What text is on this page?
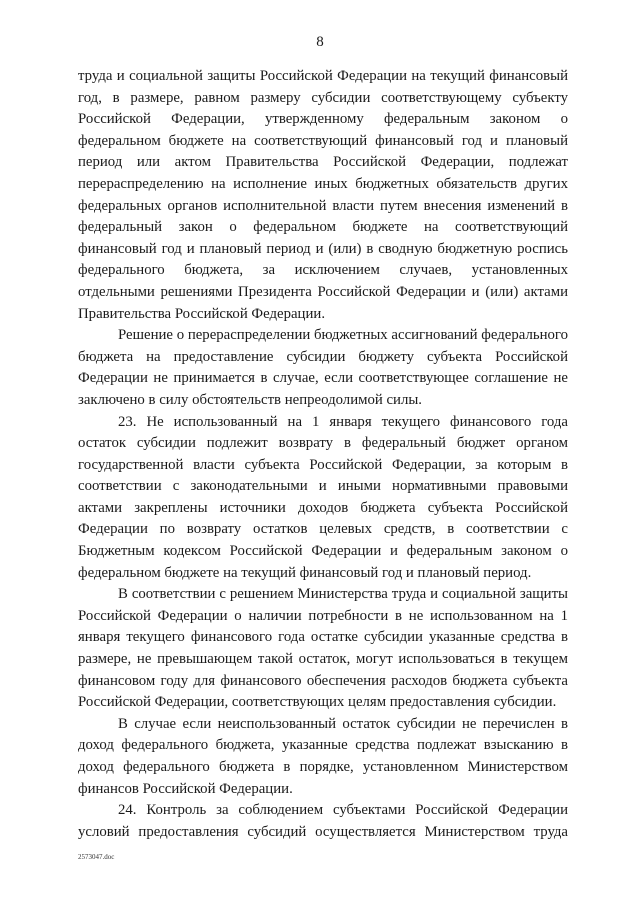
8

труда и социальной защиты Российской Федерации на текущий финансовый год, в размере, равном размеру субсидии соответствующему субъекту Российской Федерации, утвержденному федеральным законом о федеральном бюджете на соответствующий финансовый год и плановый период или актом Правительства Российской Федерации, подлежат перераспределению на исполнение иных бюджетных обязательств других федеральных органов исполнительной власти путем внесения изменений в федеральный закон о федеральном бюджете на соответствующий финансовый год и плановый период и (или) в сводную бюджетную роспись федерального бюджета, за исключением случаев, установленных отдельными решениями Президента Российской Федерации и (или) актами Правительства Российской Федерации.

Решение о перераспределении бюджетных ассигнований федерального бюджета на предоставление субсидии бюджету субъекта Российской Федерации не принимается в случае, если соответствующее соглашение не заключено в силу обстоятельств непреодолимой силы.

23. Не использованный на 1 января текущего финансового года остаток субсидии подлежит возврату в федеральный бюджет органом государственной власти субъекта Российской Федерации, за которым в соответствии с законодательными и иными нормативными правовыми актами закреплены источники доходов бюджета субъекта Российской Федерации по возврату остатков целевых средств, в соответствии с Бюджетным кодексом Российской Федерации и федеральным законом о федеральном бюджете на текущий финансовый год и плановый период.

В соответствии с решением Министерства труда и социальной защиты Российской Федерации о наличии потребности в не использованном на 1 января текущего финансового года остатке субсидии указанные средства в размере, не превышающем такой остаток, могут использоваться в текущем финансовом году для финансового обеспечения расходов бюджета субъекта Российской Федерации, соответствующих целям предоставления субсидии.

В случае если неиспользованный остаток субсидии не перечислен в доход федерального бюджета, указанные средства подлежат взысканию в доход федерального бюджета в порядке, установленном Министерством финансов Российской Федерации.

24. Контроль за соблюдением субъектами Российской Федерации условий предоставления субсидий осуществляется Министерством труда

2573047.doc
